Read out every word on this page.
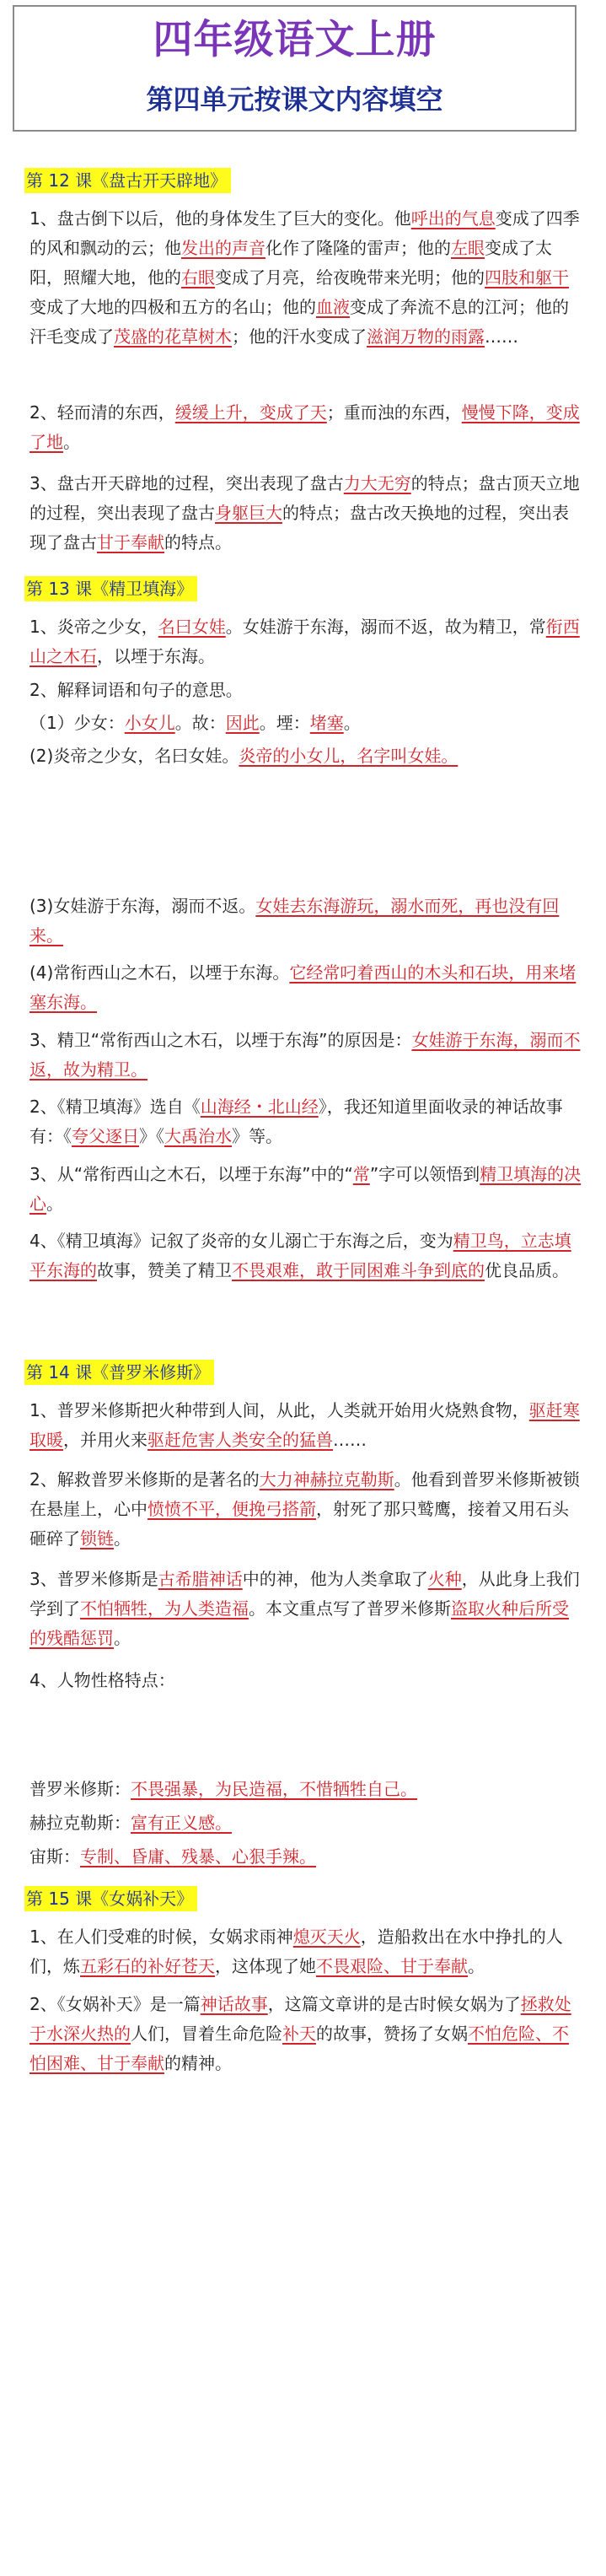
四年级语文上册
第四单元按课文内容填空
第 12 课《盘古开天辟地》

1、盘古倒下以后，他的身体发生了巨大的变化。他呼出的气息变成了四季的风和飘动的云；他发出的声音化作了隆隆的雷声；他的左眼变成了太阳，照耀大地，他的右眼变成了月亮，给夜晚带来光明；他的四肢和躯干变成了大地的四极和五方的名山；他的血液变成了奔流不息的江河；他的汗毛变成了茂盛的花草树木；他的汗水变成了滋润万物的雨露……

2、轻而清的东西，缓缓上升，变成了天；重而浊的东西，慢慢下降，变成了地。

3、盘古开天辟地的过程，突出表现了盘古力大无穷的特点；盘古顶天立地的过程，突出表现了盘古身躯巨大的特点；盘古改天换地的过程，突出表现了盘古甘于奉献的特点。

第 13 课《精卫填海》

1、炎帝之少女，名曰女娃。女娃游于东海，溺而不返，故为精卫，常衔西山之木石，以堙于东海。

2、解释词语和句子的意思。

（1）少女：小女儿。故：因此。堙：堵塞。

(2)炎帝之少女，名曰女娃。炎帝的小女儿，名字叫女娃。

(3)女娃游于东海，溺而不返。女娃去东海游玩，溺水而死，再也没有回来。

(4)常衔西山之木石，以堙于东海。它经常叼着西山的木头和石块，用来堵塞东海。

3、精卫“常衔西山之木石，以堙于东海”的原因是：女娃游于东海，溺而不返，故为精卫。

2、《精卫填海》选自《山海经・北山经》，我还知道里面收录的神话故事有：《夸父逐日》《大禹治水》等。

3、从“常衔西山之木石，以堙于东海”中的“常”字可以领悟到精卫填海的决心。

4、《精卫填海》记叙了炎帝的女儿溺亡于东海之后，变为精卫鸟，立志填平东海的故事，赞美了精卫不畏艰难，敢于同困难斗争到底的优良品质。

第 14 课《普罗米修斯》

1、普罗米修斯把火种带到人间，从此，人类就开始用火烧熟食物，驱赶寒取暖，并用火来驱赶危害人类安全的猛兽……

2、解救普罗米修斯的是著名的大力神赫拉克勒斯。他看到普罗米修斯被锁在悬崖上，心中愤愤不平，便挽弓搭箭，射死了那只鹫鹰，接着又用石头砸碎了锁链。

3、普罗米修斯是古希腊神话中的神，他为人类拿取了火种，从此身上我们学到了不怕牺牲，为人类造福。本文重点写了普罗米修斯盗取火种后所受的残酷惩罚。

4、人物性格特点：

普罗米修斯：不畏强暴，为民造福，不惜牺牲自己。

赫拉克勒斯：富有正义感。

宙斯：专制、昏庸、残暴、心狠手辣。

第 15 课《女娲补天》

1、在人们受难的时候，女娲求雨神熄灭天火，造船救出在水中挣扎的人们，炼五彩石的补好苍天，这体现了她不畏艰险、甘于奉献。

2、《女娲补天》是一篇神话故事，这篇文章讲的是古时候女娲为了拯救处于水深火热的人们，冒着生命危险补天的故事，赞扬了女娲不怕危险、不怕困难、甘于奉献的精神。
